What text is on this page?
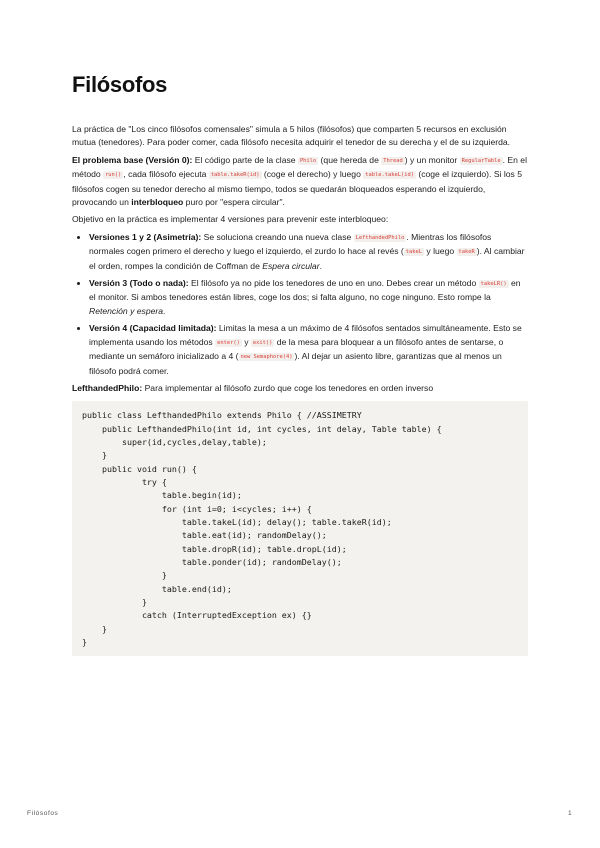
Filósofos

La práctica de "Los cinco filósofos comensales" simula a 5 hilos (filósofos) que comparten 5 recursos en exclusión mutua (tenedores). Para poder comer, cada filósofo necesita adquirir el tenedor de su derecha y el de su izquierda.

El problema base (Versión 0): El código parte de la clase Philo (que hereda de Thread ) y un monitor RegularTable . En el método run() , cada filósofo ejecuta table.takeR(id) (coge el derecho) y luego table.takeL(id) (coge el izquierdo). Si los 5 filósofos cogen su tenedor derecho al mismo tiempo, todos se quedarán bloqueados esperando el izquierdo, provocando un interbloqueo puro por "espera circular".

Objetivo en la práctica es implementar 4 versiones para prevenir este interbloqueo:

• Versiones 1 y 2 (Asimetría): Se soluciona creando una nueva clase LefthandedPhilo . Mientras los filósofos normales cogen primero el derecho y luego el izquierdo, el zurdo lo hace al revés ( takeL y luego takeR ). Al cambiar el orden, rompes la condición de Coffman de Espera circular.
• Versión 3 (Todo o nada): El filósofo ya no pide los tenedores de uno en uno. Debes crear un método takeLR() en el monitor. Si ambos tenedores están libres, coge los dos; si falta alguno, no coge ninguno. Esto rompe la Retención y espera.
• Versión 4 (Capacidad limitada): Limitas la mesa a un máximo de 4 filósofos sentados simultáneamente. Esto se implementa usando los métodos enter() y exit() de la mesa para bloquear a un filósofo antes de sentarse, o mediante un semáforo inicializado a 4 ( new Semaphore(4) ). Al dejar un asiento libre, garantizas que al menos un filósofo podrá comer.

LefthandedPhilo: Para implementar al filósofo zurdo que coge los tenedores en orden inverso

public class LefthandedPhilo extends Philo { //ASSIMETRY
public LefthandedPhilo(int id, int cycles, int delay, Table table) {
super(id,cycles,delay,table);
}
public void run() {
try {
table.begin(id);
for (int i=0; i<cycles; i++) {
table.takeL(id); delay(); table.takeR(id);
table.eat(id); randomDelay();
table.dropR(id); table.dropL(id);
table.ponder(id); randomDelay();
}
table.end(id);
}
catch (InterruptedException ex) {}
}
}
Filósofos	1
